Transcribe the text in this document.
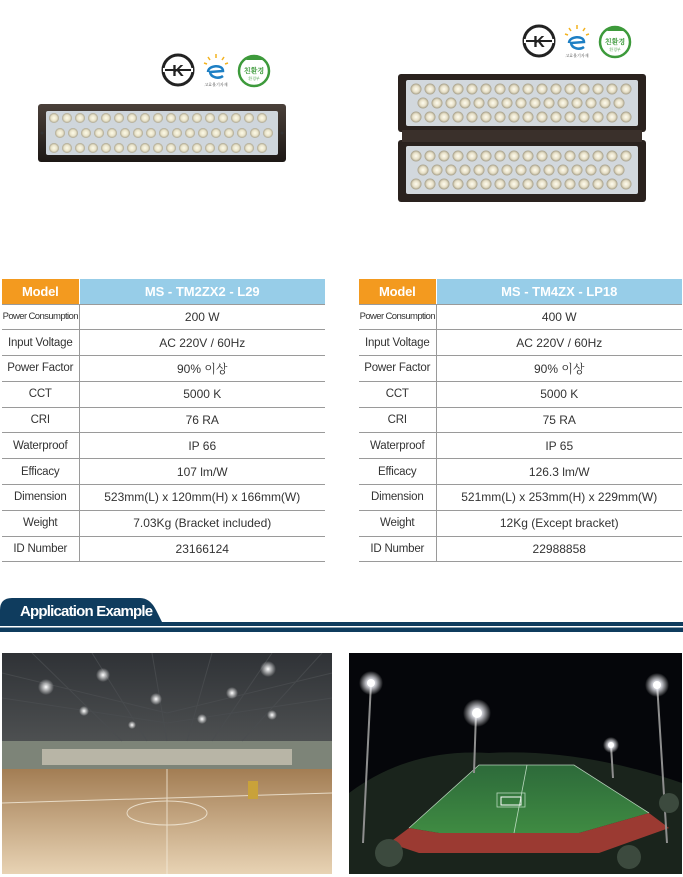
K
고효율기자재
친환경
환경부
K
고효율기자재
친환경
환경부
Model	MS - TM2ZX2 - L29
Power Consumption	200 W
Input Voltage	AC 220V / 60Hz
Power Factor	90% 이상
CCT	5000 K
CRI	76 RA
Waterproof	IP 66
Efficacy	107 lm/W
Dimension	523mm(L) x 120mm(H) x 166mm(W)
Weight	7.03Kg (Bracket included)
ID Number	23166124
Model	MS - TM4ZX - LP18
Power Consumption	400 W
Input Voltage	AC 220V / 60Hz
Power Factor	90% 이상
CCT	5000 K
CRI	75 RA
Waterproof	IP 65
Efficacy	126.3 lm/W
Dimension	521mm(L) x 253mm(H) x 229mm(W)
Weight	12Kg (Except bracket)
ID Number	22988858
Application Example
